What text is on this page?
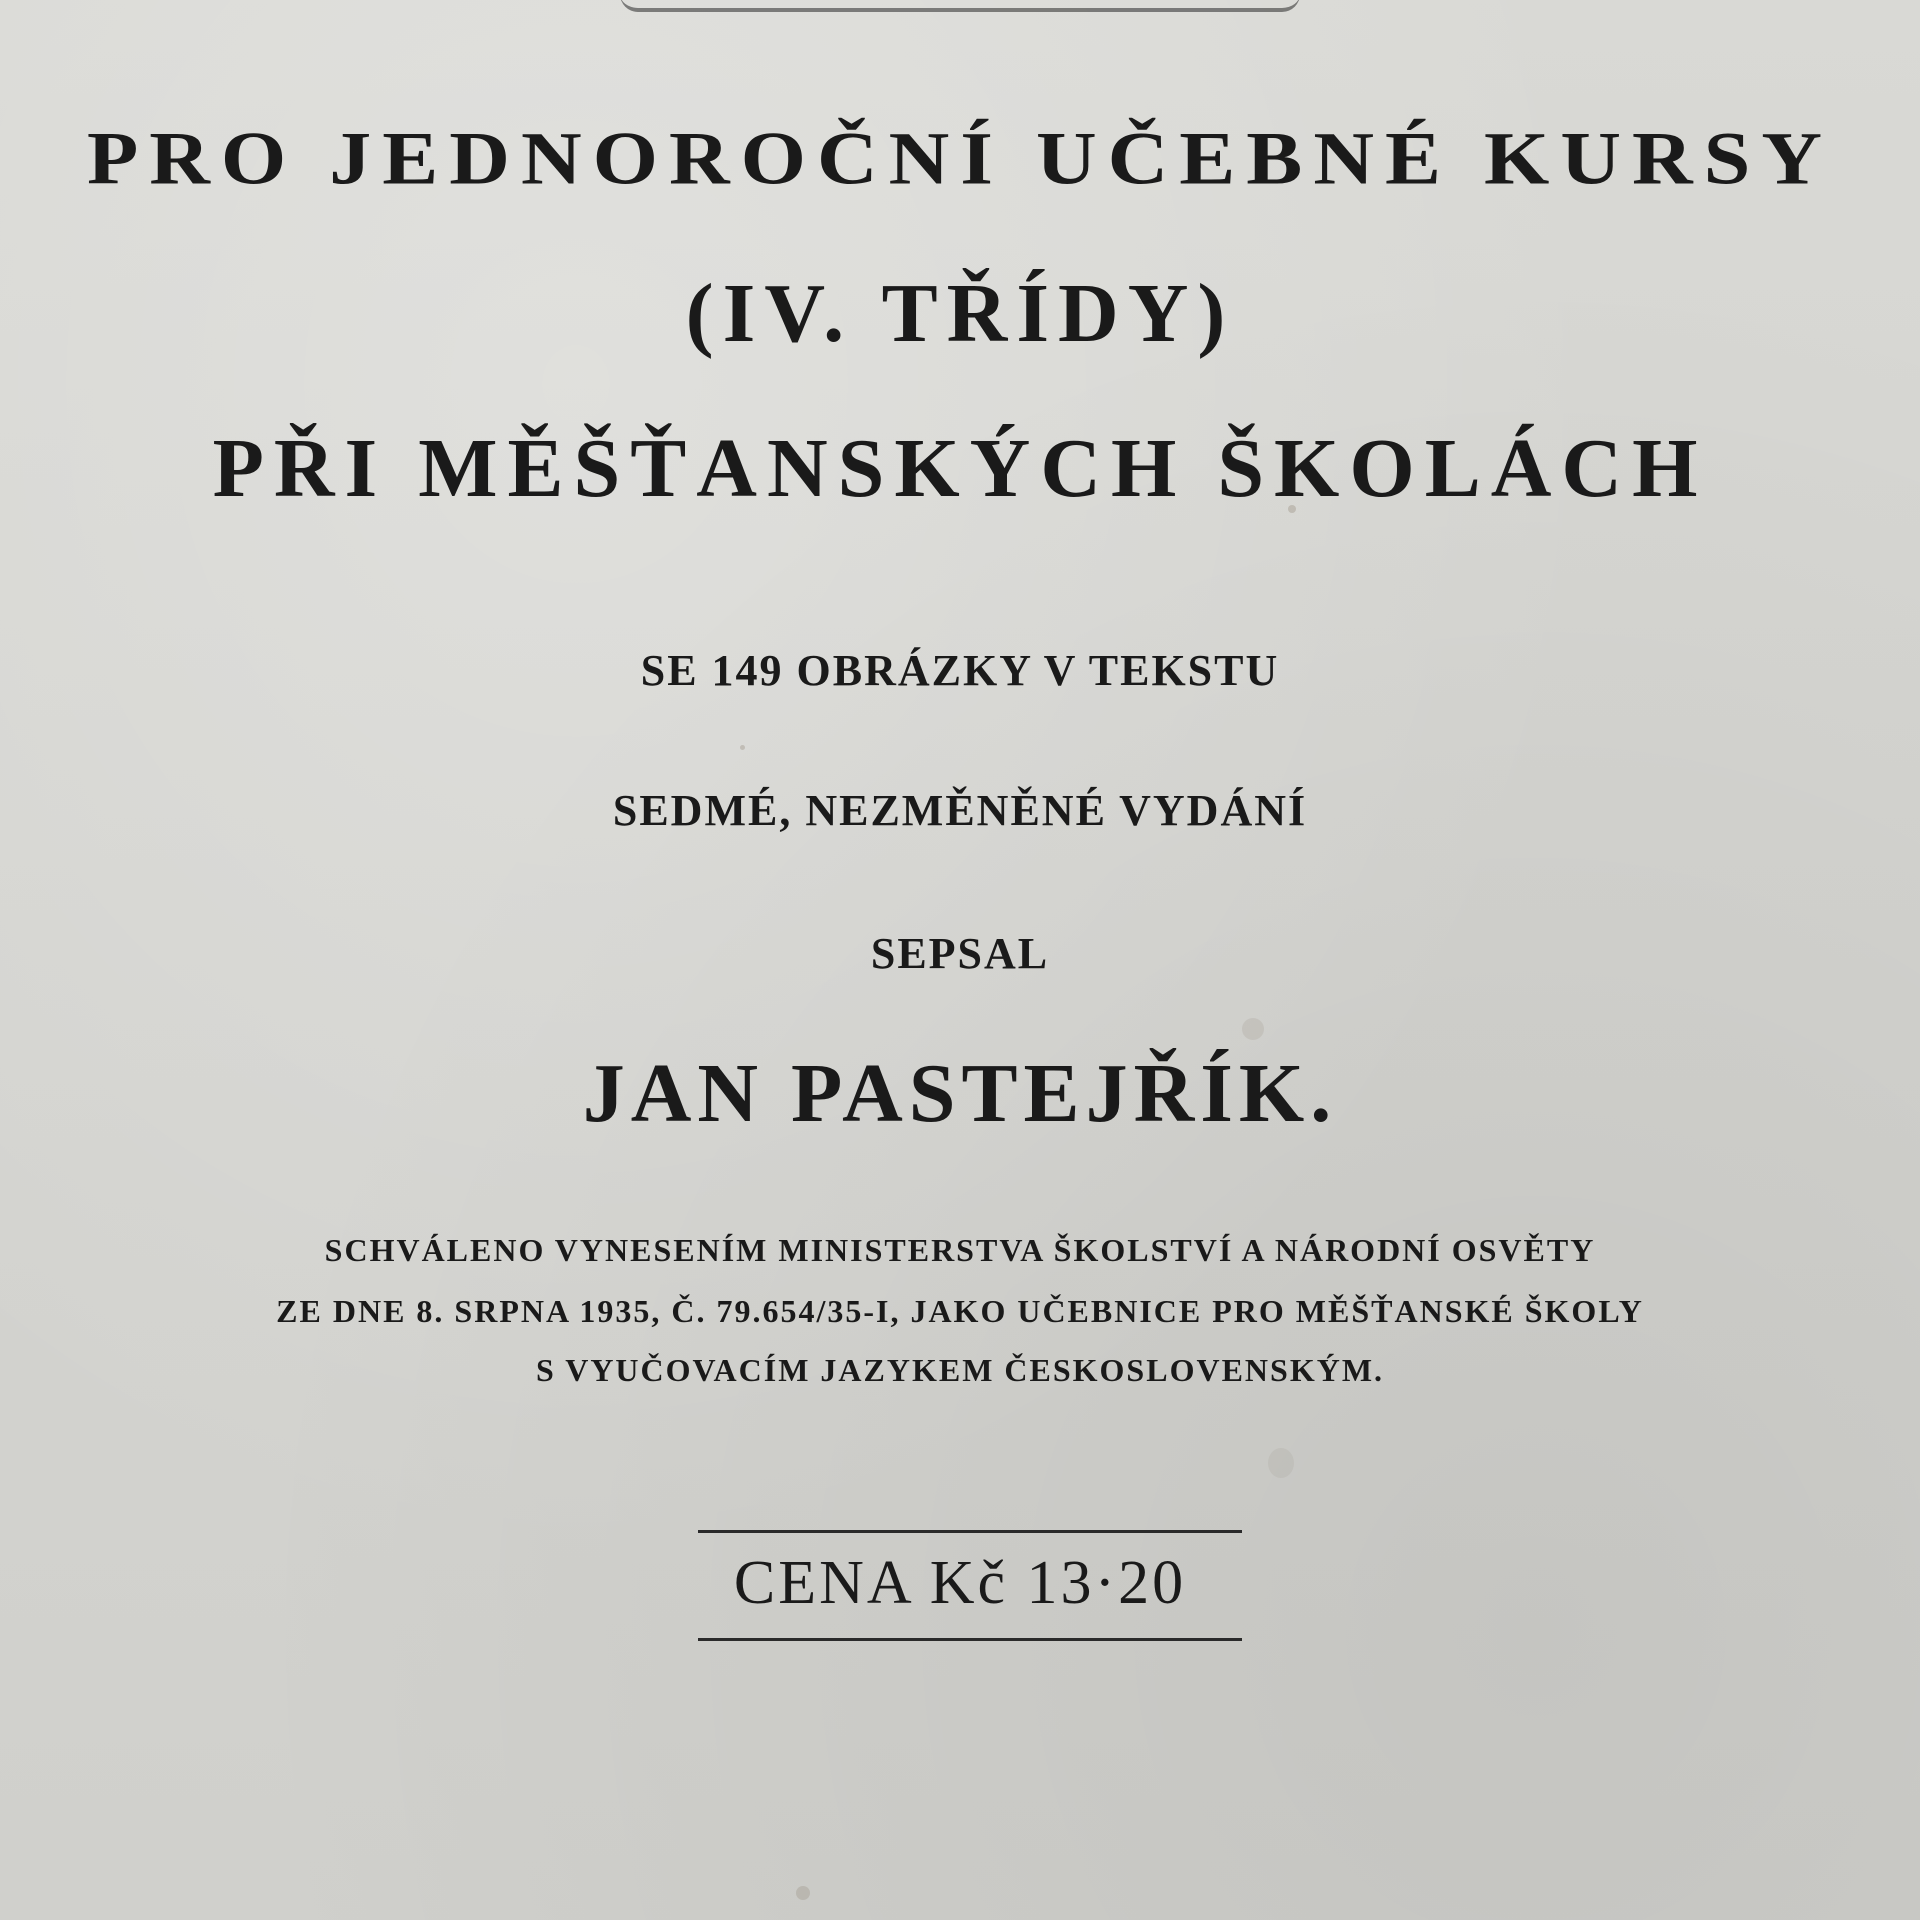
PRO JEDNOROČNÍ UČEBNÉ KURSY
(IV. TŘÍDY)
PŘI MĚŠŤANSKÝCH ŠKOLÁCH

SE 149 OBRÁZKY V TEKSTU

SEDMÉ, NEZMĚNĚNÉ VYDÁNÍ

SEPSAL

JAN PASTEJŘÍK.

SCHVÁLENO VYNESENÍM MINISTERSTVA ŠKOLSTVÍ A NÁRODNÍ OSVĚTY

ZE DNE 8. SRPNA 1935, Č. 79.654/35-I, JAKO UČEBNICE PRO MĚŠŤANSKÉ ŠKOLY

S VYUČOVACÍM JAZYKEM ČESKOSLOVENSKÝM.

CENA Kč 13·20
